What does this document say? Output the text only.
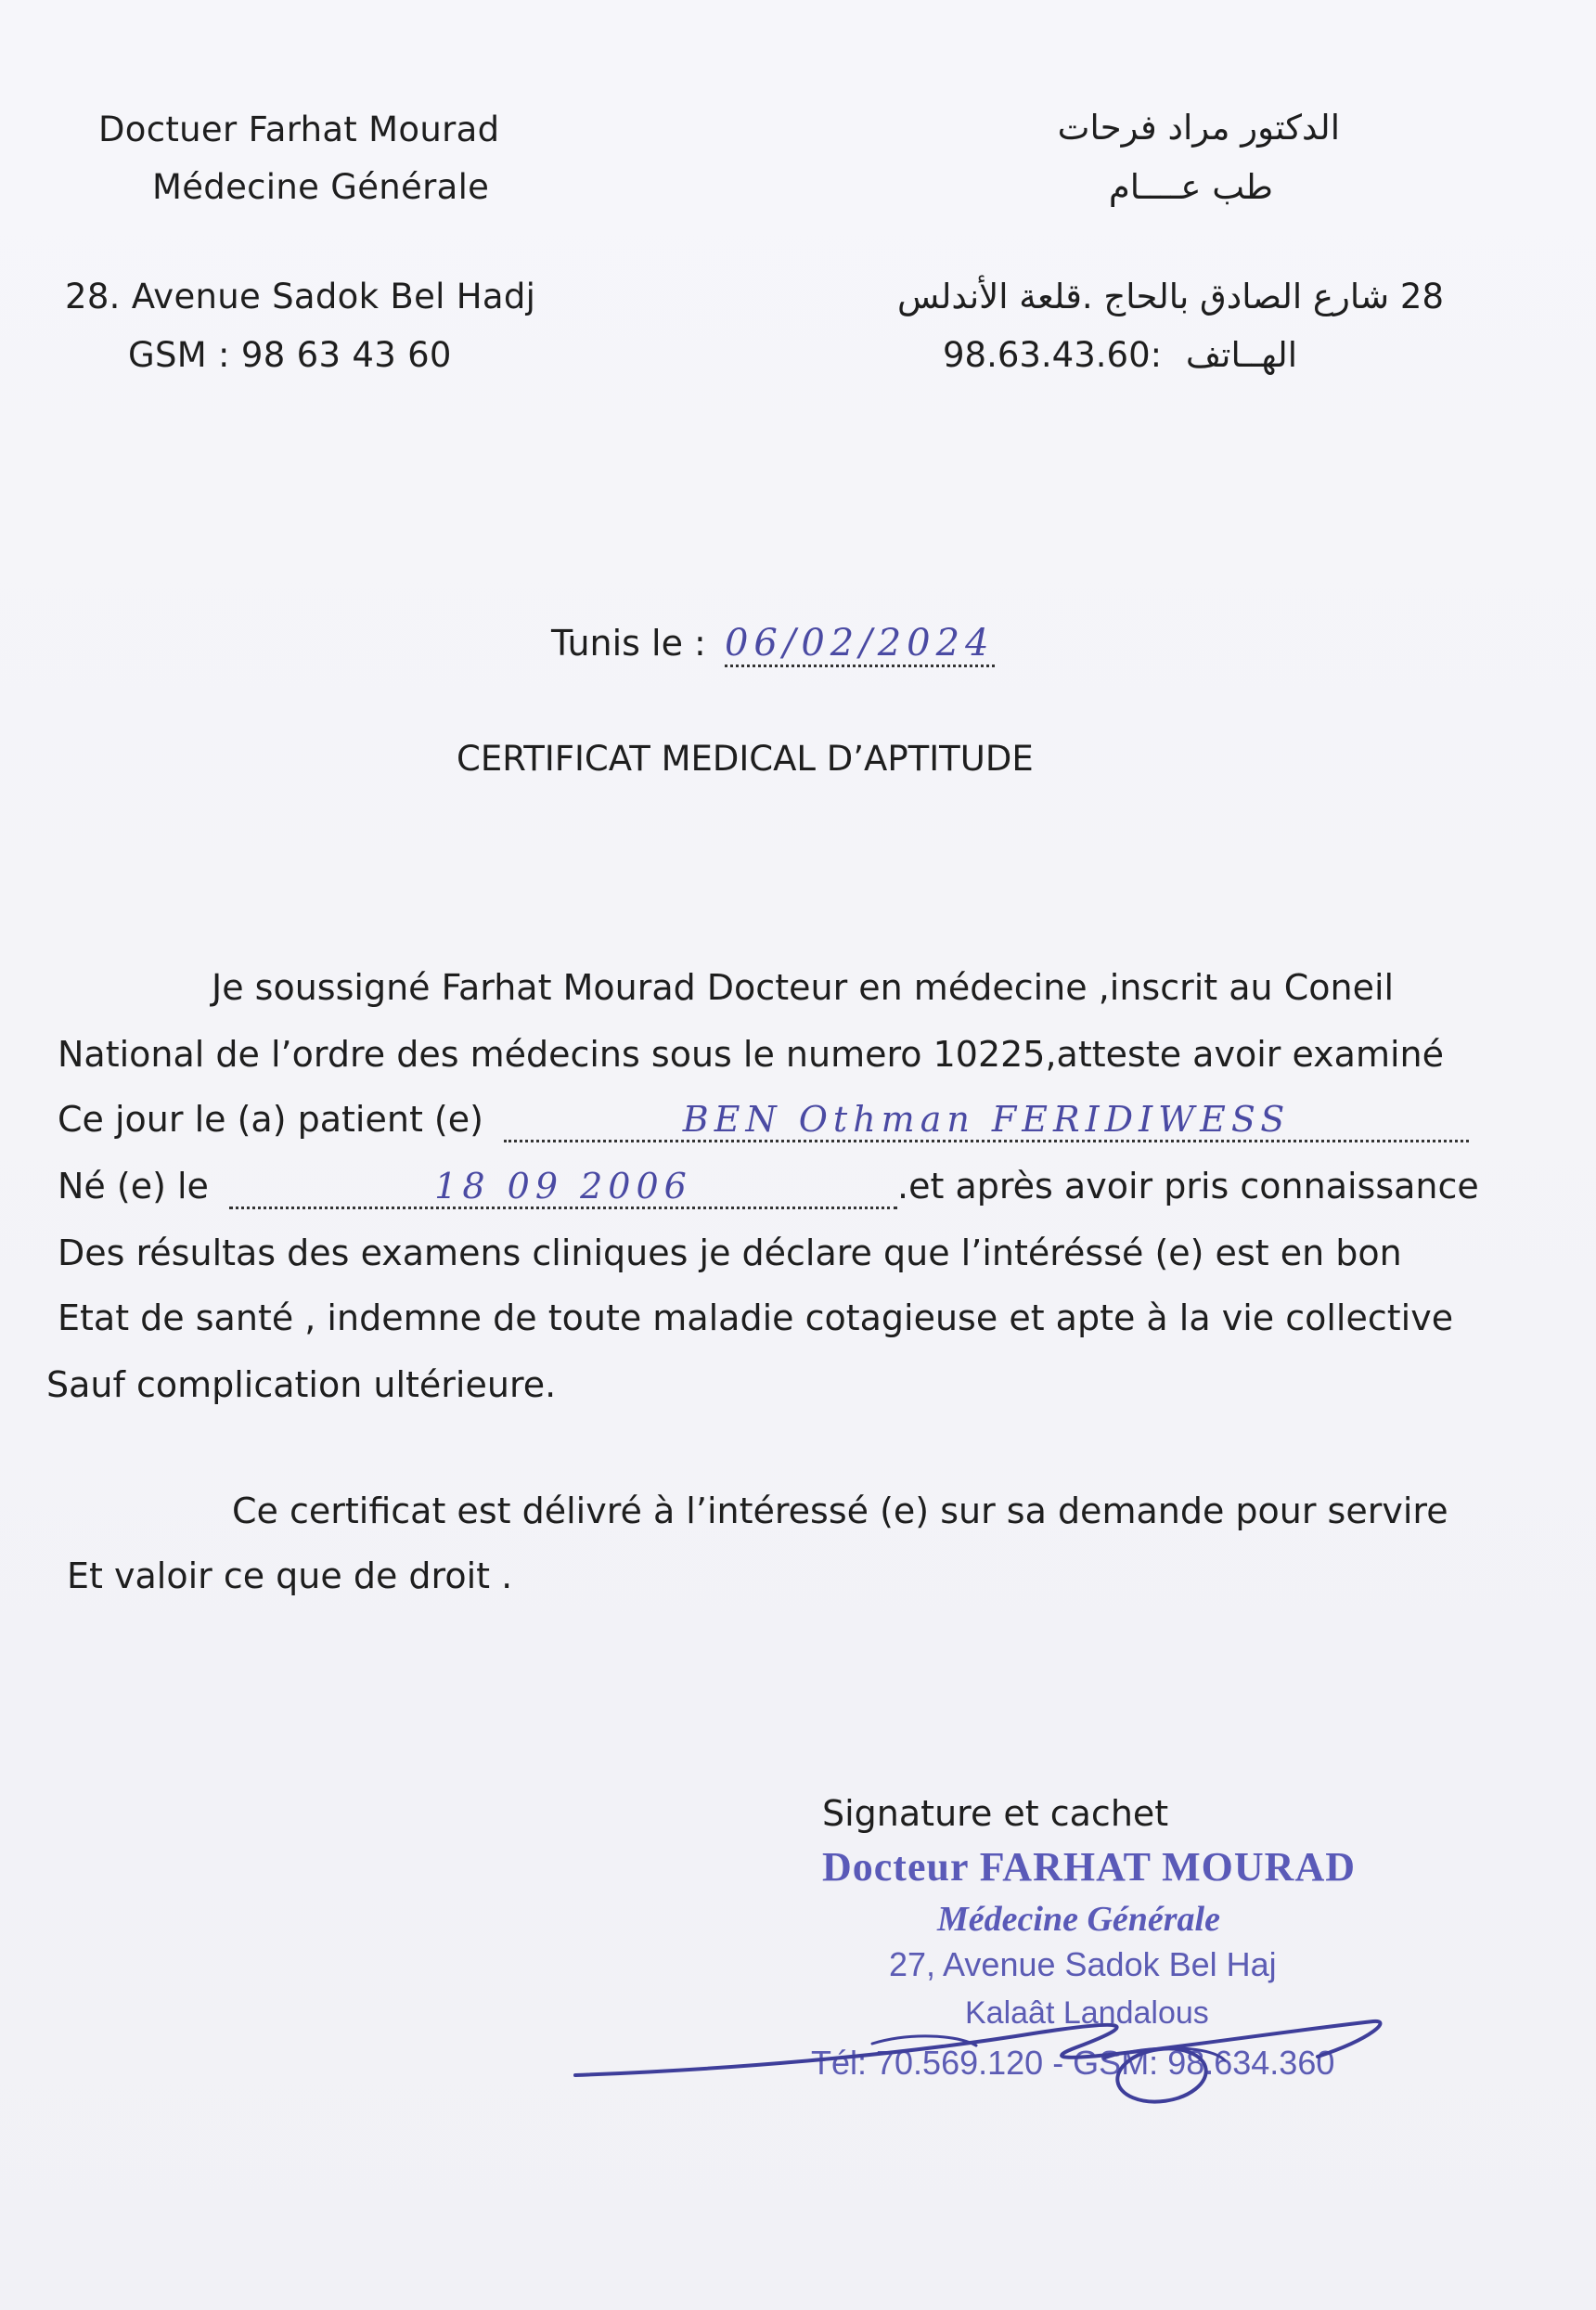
Doctuer Farhat Mourad
Médecine Générale
28. Avenue Sadok Bel Hadj
GSM : 98 63 43 60
الدكتور مراد فرحات
طب عــــام
28 شارع الصادق بالحاج .قلعة الأندلس
98.63.43.60: الهــاتف
Tunis le : 06/02/2024
CERTIFICAT MEDICAL D’APTITUDE
Je soussigné Farhat Mourad Docteur en médecine ,inscrit au Coneil
National de l’ordre des médecins sous le numero 10225,atteste avoir examiné
Ce jour le (a) patient (e)	BEN Othman FERIDIWESS
Né (e) le	18 09 2006	.et après avoir pris connaissance
Des résultas des examens cliniques je déclare que l’intéréssé (e) est en bon
Etat de santé , indemne de toute maladie cotagieuse et apte à la vie collective
Sauf complication ultérieure.
Ce certificat est délivré à l’intéressé (e) sur sa demande pour servire
Et valoir ce que de droit .
Signature et cachet
Docteur FARHAT MOURAD
Médecine Générale
27, Avenue Sadok Bel Haj
Kalaât Landalous
Tél: 70.569.120 - GSM: 98.634.360
